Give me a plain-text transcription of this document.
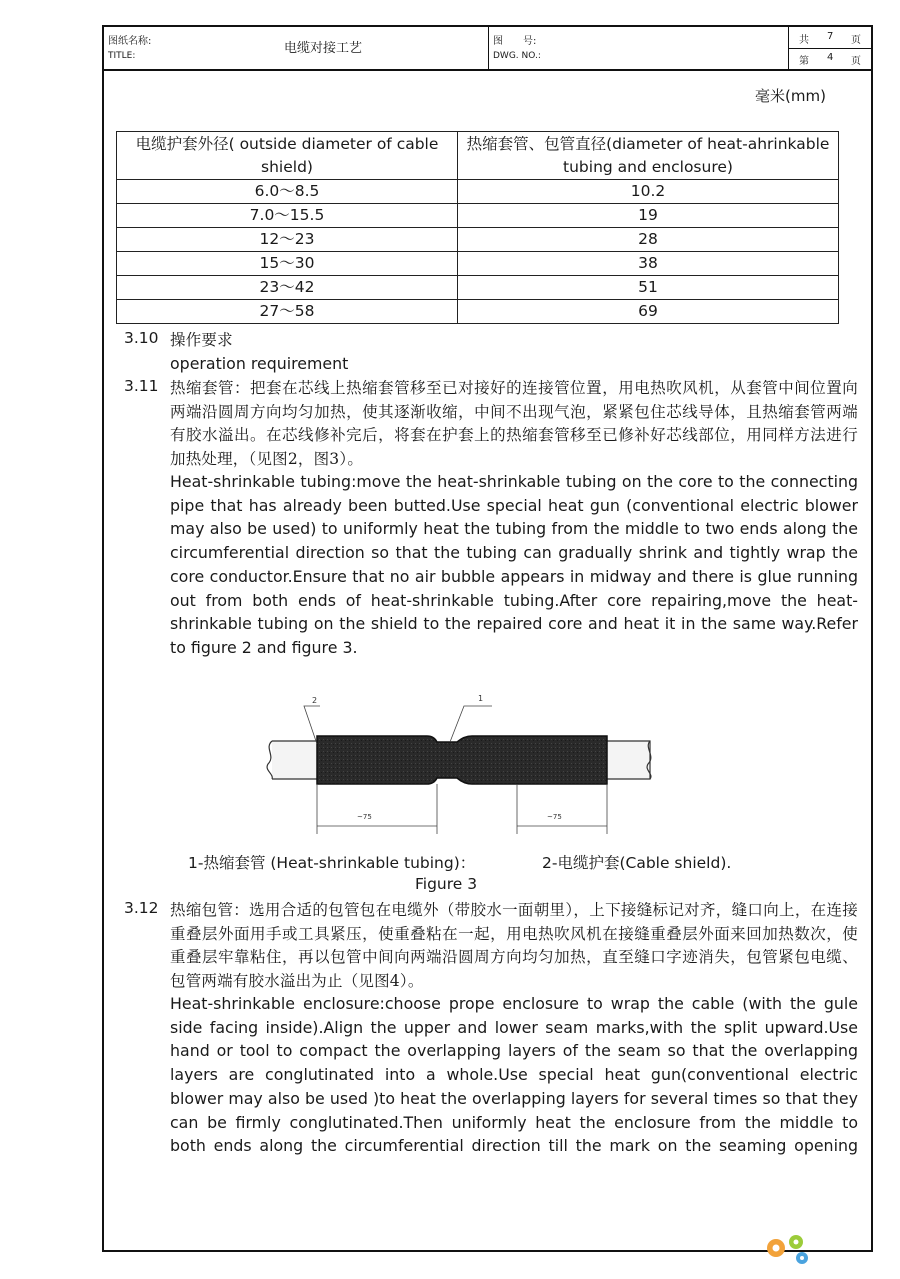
图纸名称:
TITLE:	电缆对接工艺	图　　号:
DWG. NO.:
共 7 页
第 4 页
毫米(mm)
电缆护套外径( outside diameter of cable shield)	热缩套管、包管直径(diameter of heat-ahrinkable tubing and enclosure)
6.0～8.5	10.2
7.0～15.5	19
12～23	28
15～30	38
23～42	51
27～58	69
3.10 操作要求
operation requirement
3.11 热缩套管：把套在芯线上热缩套管移至已对接好的连接管位置，用电热吹风机，从套管中间位置向两端沿圆周方向均匀加热，使其逐渐收缩，中间不出现气泡，紧紧包住芯线导体，且热缩套管两端有胶水溢出。在芯线修补完后，将套在护套上的热缩套管移至已修补好芯线部位，用同样方法进行加热处理，（见图2，图3）。
Heat-shrinkable tubing:move the heat-shrinkable tubing on the core to the connecting pipe that has already been butted.Use special heat gun (conventional electric blower may also be used) to uniformly heat the tubing from the middle to two ends along the circumferential direction so that the tubing can gradually shrink and tightly wrap the core conductor.Ensure that no air bubble appears in midway and there is glue running out from both ends of heat-shrinkable tubing.After core repairing,move the heat-shrinkable tubing on the shield to the repaired core and heat it in the same way.Refer to figure 2 and figure 3.
2	1
~75	~75
1-热缩套管 (Heat-shrinkable tubing)：	2-电缆护套(Cable shield).
Figure 3
3.12 热缩包管：选用合适的包管包在电缆外（带胶水一面朝里），上下接缝标记对齐，缝口向上，在连接重叠层外面用手或工具紧压，使重叠粘在一起，用电热吹风机在接缝重叠层外面来回加热数次，使重叠层牢靠粘住，再以包管中间向两端沿圆周方向均匀加热，直至缝口字迹消失，包管紧包电缆、包管两端有胶水溢出为止（见图4）。
Heat-shrinkable enclosure:choose prope enclosure to wrap the cable (with the gule side facing inside).Align the upper and lower seam marks,with the split upward.Use hand or tool to compact the overlapping layers of the seam so that the overlapping layers are conglutinated into a whole.Use special heat gun(conventional electric blower may also be used )to heat the overlapping layers for several times so that they can be firmly conglutinated.Then uniformly heat the enclosure from the middle to both ends along the circumferential direction till the mark on the seaming opening
